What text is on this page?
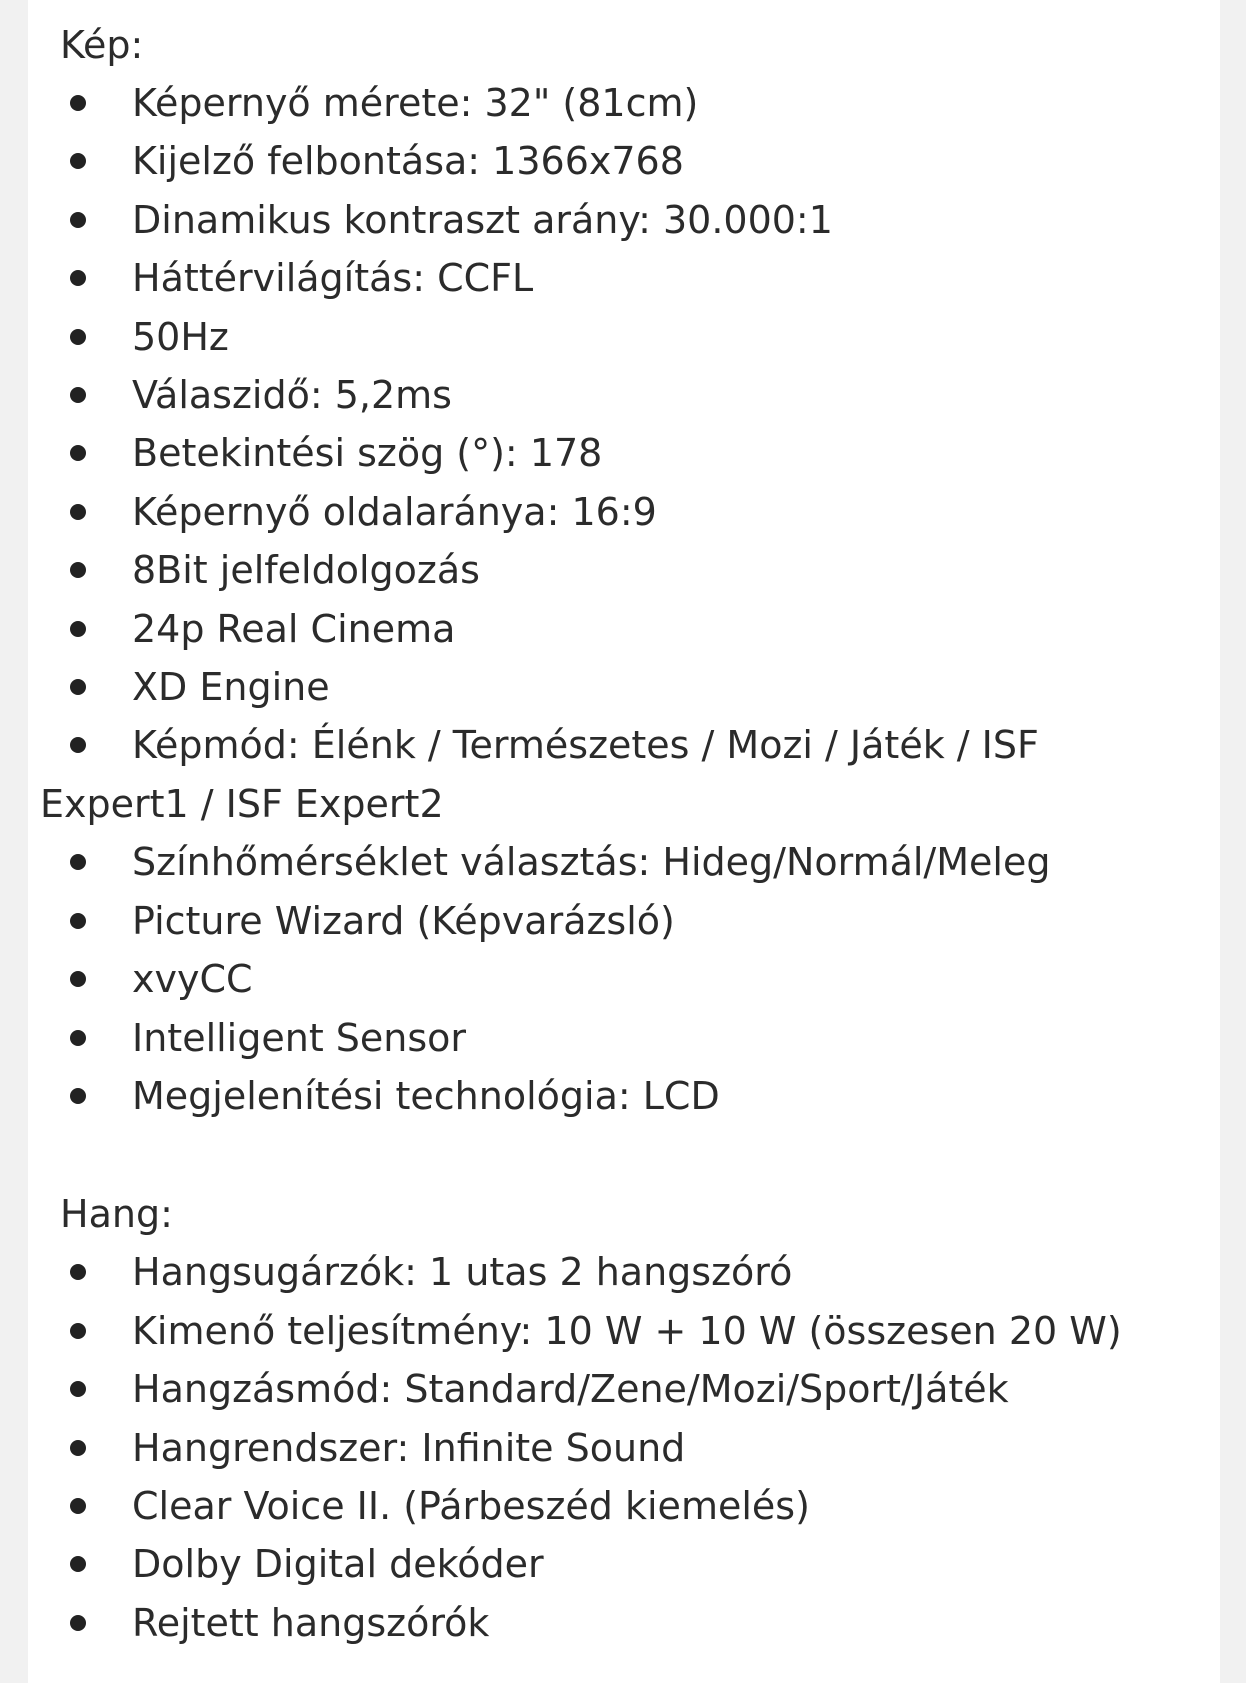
Kép:
Képernyő mérete: 32" (81cm)
Kijelző felbontása: 1366x768
Dinamikus kontraszt arány: 30.000:1
Háttérvilágítás: CCFL
50Hz
Válaszidő: 5,2ms
Betekintési szög (°): 178
Képernyő oldalaránya: 16:9
8Bit jelfeldolgozás
24p Real Cinema
XD Engine
Képmód: Élénk / Természetes / Mozi / Játék / ISF
Expert1 / ISF Expert2
Színhőmérséklet választás: Hideg/Normál/Meleg
Picture Wizard (Képvarázsló)
xvyCC
Intelligent Sensor
Megjelenítési technológia: LCD
Hang:
Hangsugárzók: 1 utas 2 hangszóró
Kimenő teljesítmény: 10 W + 10 W (összesen 20 W)
Hangzásmód: Standard/Zene/Mozi/Sport/Játék
Hangrendszer: Infinite Sound
Clear Voice II. (Párbeszéd kiemelés)
Dolby Digital dekóder
Rejtett hangszórók
